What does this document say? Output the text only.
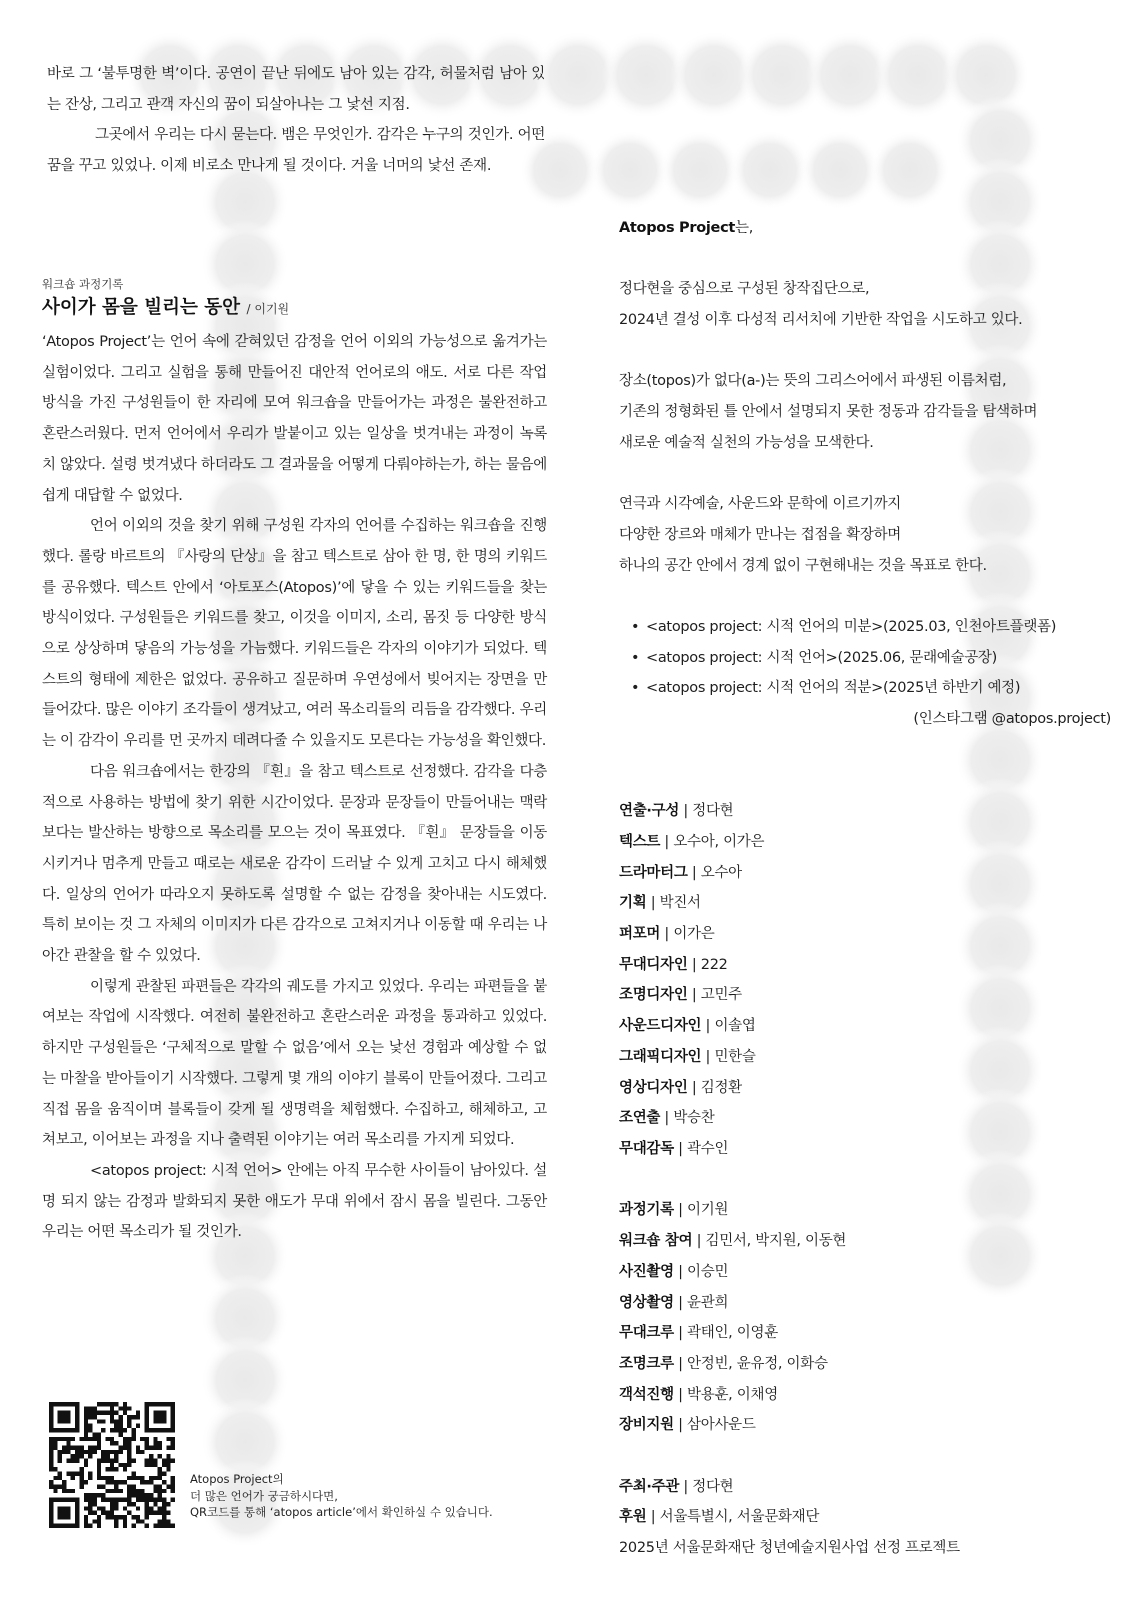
바로 그 ‘불투명한 벽’이다. 공연이 끝난 뒤에도 남아 있는 감각, 허물처럼 남아 있는 잔상, 그리고 관객 자신의 꿈이 되살아나는 그 낯선 지점.

그곳에서 우리는 다시 묻는다. 뱀은 무엇인가. 감각은 누구의 것인가. 어떤 꿈을 꾸고 있었나. 이제 비로소 만나게 될 것이다. 거울 너머의 낯선 존재.

워크숍 과정기록
사이가 몸을 빌리는 동안 / 이기원

‘Atopos Project’는 언어 속에 갇혀있던 감정을 언어 이외의 가능성으로 옮겨가는 실험이었다. 그리고 실험을 통해 만들어진 대안적 언어로의 애도. 서로 다른 작업 방식을 가진 구성원들이 한 자리에 모여 워크숍을 만들어가는 과정은 불완전하고 혼란스러웠다. 먼저 언어에서 우리가 발붙이고 있는 일상을 벗겨내는 과정이 녹록치 않았다. 설령 벗겨냈다 하더라도 그 결과물을 어떻게 다뤄야하는가, 하는 물음에 쉽게 대답할 수 없었다.

언어 이외의 것을 찾기 위해 구성원 각자의 언어를 수집하는 워크숍을 진행했다. 롤랑 바르트의 『사랑의 단상』을 참고 텍스트로 삼아 한 명, 한 명의 키워드를 공유했다. 텍스트 안에서 ‘아토포스(Atopos)’에 닿을 수 있는 키워드들을 찾는 방식이었다. 구성원들은 키워드를 찾고, 이것을 이미지, 소리, 몸짓 등 다양한 방식으로 상상하며 닿음의 가능성을 가늠했다. 키워드들은 각자의 이야기가 되었다. 텍스트의 형태에 제한은 없었다. 공유하고 질문하며 우연성에서 빚어지는 장면을 만들어갔다. 많은 이야기 조각들이 생겨났고, 여러 목소리들의 리듬을 감각했다. 우리는 이 감각이 우리를 먼 곳까지 데려다줄 수 있을지도 모른다는 가능성을 확인했다.

다음 워크숍에서는 한강의 『흰』을 참고 텍스트로 선정했다. 감각을 다층적으로 사용하는 방법에 찾기 위한 시간이었다. 문장과 문장들이 만들어내는 맥락 보다는 발산하는 방향으로 목소리를 모으는 것이 목표였다. 『흰』 문장들을 이동시키거나 멈추게 만들고 때로는 새로운 감각이 드러날 수 있게 고치고 다시 해체했다. 일상의 언어가 따라오지 못하도록 설명할 수 없는 감정을 찾아내는 시도였다. 특히 보이는 것 그 자체의 이미지가 다른 감각으로 고쳐지거나 이동할 때 우리는 나아간 관찰을 할 수 있었다.

이렇게 관찰된 파편들은 각각의 궤도를 가지고 있었다. 우리는 파편들을 붙여보는 작업에 시작했다. 여전히 불완전하고 혼란스러운 과정을 통과하고 있었다. 하지만 구성원들은 ‘구체적으로 말할 수 없음’에서 오는 낯선 경험과 예상할 수 없는 마찰을 받아들이기 시작했다. 그렇게 몇 개의 이야기 블록이 만들어졌다. 그리고 직접 몸을 움직이며 블록들이 갖게 될 생명력을 체험했다. 수집하고, 해체하고, 고쳐보고, 이어보는 과정을 지나 출력된 이야기는 여러 목소리를 가지게 되었다.

<atopos project: 시적 언어> 안에는 아직 무수한 사이들이 남아있다. 설명 되지 않는 감정과 발화되지 못한 애도가 무대 위에서 잠시 몸을 빌린다. 그동안 우리는 어떤 목소리가 될 것인가.

Atopos Project는,
정다현을 중심으로 구성된 창작집단으로,
2024년 결성 이후 다성적 리서치에 기반한 작업을 시도하고 있다.
장소(topos)가 없다(a-)는 뜻의 그리스어에서 파생된 이름처럼,
기존의 정형화된 틀 안에서 설명되지 못한 정동과 감각들을 탐색하며
새로운 예술적 실천의 가능성을 모색한다.
연극과 시각예술, 사운드와 문학에 이르기까지
다양한 장르와 매체가 만나는 접점을 확장하며
하나의 공간 안에서 경계 없이 구현해내는 것을 목표로 한다.
• <atopos project: 시적 언어의 미분>(2025.03, 인천아트플랫폼)
• <atopos project: 시적 언어>(2025.06, 문래예술공장)
• <atopos project: 시적 언어의 적분>(2025년 하반기 예정)
(인스타그램 @atopos.project)
연출·구성 | 정다현
텍스트 | 오수아, 이가은
드라마터그 | 오수아
기획 | 박진서
퍼포머 | 이가은
무대디자인 | 222
조명디자인 | 고민주
사운드디자인 | 이솔엽
그래픽디자인 | 민한슬
영상디자인 | 김정환
조연출 | 박승찬
무대감독 | 곽수인
과정기록 | 이기원
워크숍 참여 | 김민서, 박지원, 이동현
사진촬영 | 이승민
영상촬영 | 윤관희
무대크루 | 곽태인, 이영훈
조명크루 | 안정빈, 윤유정, 이화승
객석진행 | 박용훈, 이채영
장비지원 | 삼아사운드
주최·주관 | 정다현
후원 | 서울특별시, 서울문화재단
2025년 서울문화재단 청년예술지원사업 선정 프로젝트
Atopos Project의
더 많은 언어가 궁금하시다면,
QR코드를 통해 ‘atopos article’에서 확인하실 수 있습니다.
